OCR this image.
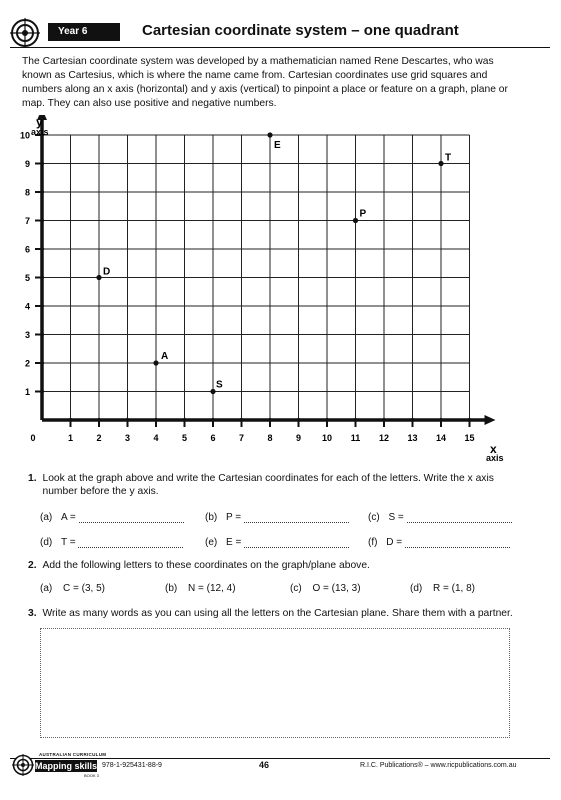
Year 6	Cartesian coordinate system – one quadrant
The Cartesian coordinate system was developed by a mathematician named Rene Descartes, who was known as Cartesius, which is where the name came from. Cartesian coordinates use grid squares and numbers along an x axis (horizontal) and y axis (vertical) to pinpoint a place or feature on a graph, plane or map. They can also use positive and negative numbers.
1	2	3	4	5	6	7	8	9 10 11 12 13 14 15
1
2
3
4
5
6
7
8
9
10
0
D
A
S
E
P
T
y
axis
x
axis
1. Look at the graph above and write the Cartesian coordinates for each of the letters. Write the x axis number before the y axis.
(a) A =	(b) P =	(c) S =
(d) T =	(e) E =	(f) D =
2. Add the following letters to these coordinates on the graph/plane above.
(a) C = (3, 5)	(b) N = (12, 4)	(c) O = (13, 3)	(d) R = (1, 8)
3. Write as many words as you can using all the letters on the Cartesian plane. Share them with a partner.
AUSTRALIAN CURRICULUM
Mapping skills
BOOK 3
978-1-925431-88-9	46	R.I.C. Publications® – www.ricpublications.com.au
